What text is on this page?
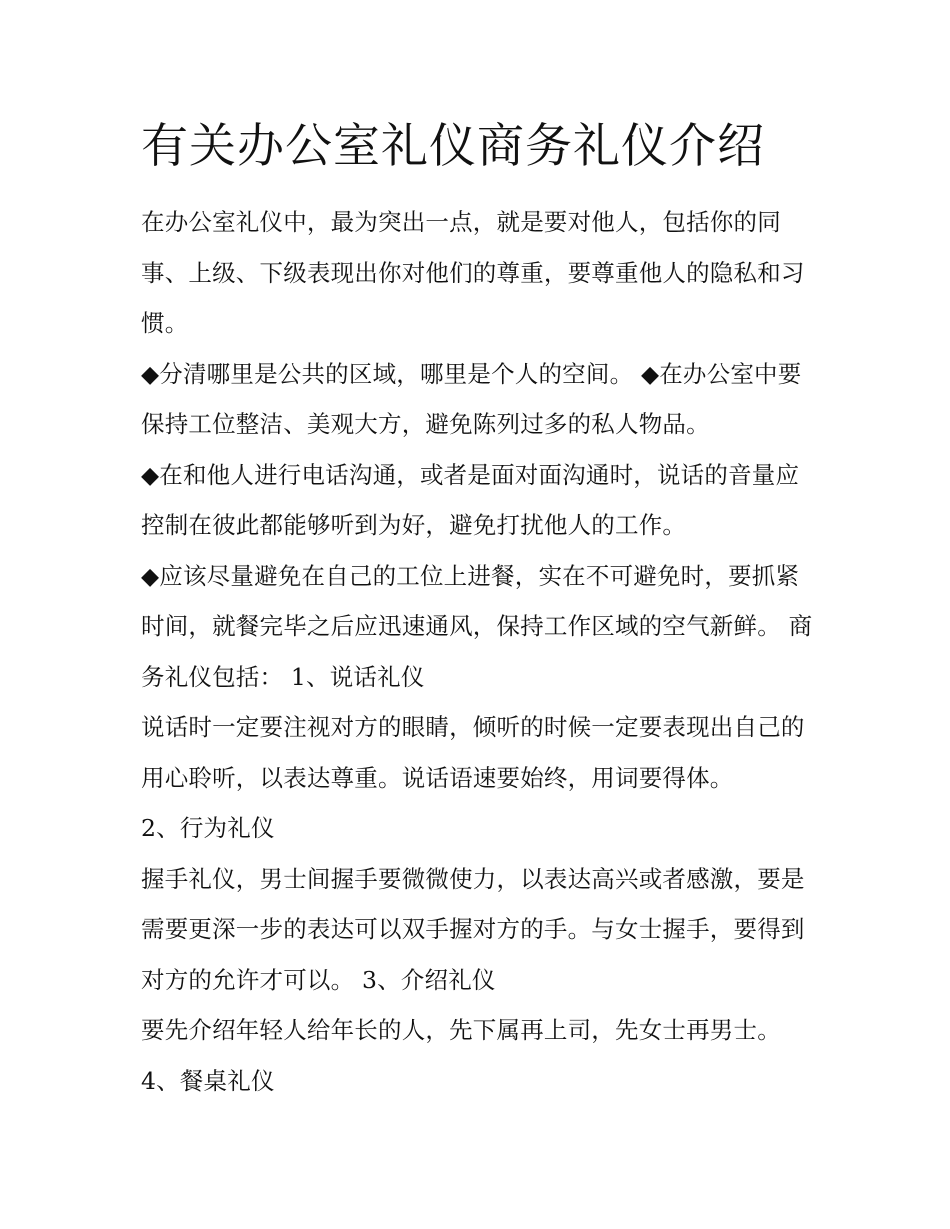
有关办公室礼仪商务礼仪介绍

在办公室礼仪中，最为突出一点，就是要对他人，包括你的同事、上级、下级表现出你对他们的尊重，要尊重他人的隐私和习惯。

◆分清哪里是公共的区域，哪里是个人的空间。 ◆在办公室中要保持工位整洁、美观大方，避免陈列过多的私人物品。

◆在和他人进行电话沟通，或者是面对面沟通时，说话的音量应控制在彼此都能够听到为好，避免打扰他人的工作。

◆应该尽量避免在自己的工位上进餐，实在不可避免时，要抓紧时间，就餐完毕之后应迅速通风，保持工作区域的空气新鲜。 商务礼仪包括： 1、说话礼仪

说话时一定要注视对方的眼睛，倾听的时候一定要表现出自己的用心聆听，以表达尊重。说话语速要始终，用词要得体。

2、行为礼仪

握手礼仪，男士间握手要微微使力，以表达高兴或者感激，要是需要更深一步的表达可以双手握对方的手。与女士握手，要得到对方的允许才可以。 3、介绍礼仪

要先介绍年轻人给年长的人，先下属再上司，先女士再男士。

4、餐桌礼仪
